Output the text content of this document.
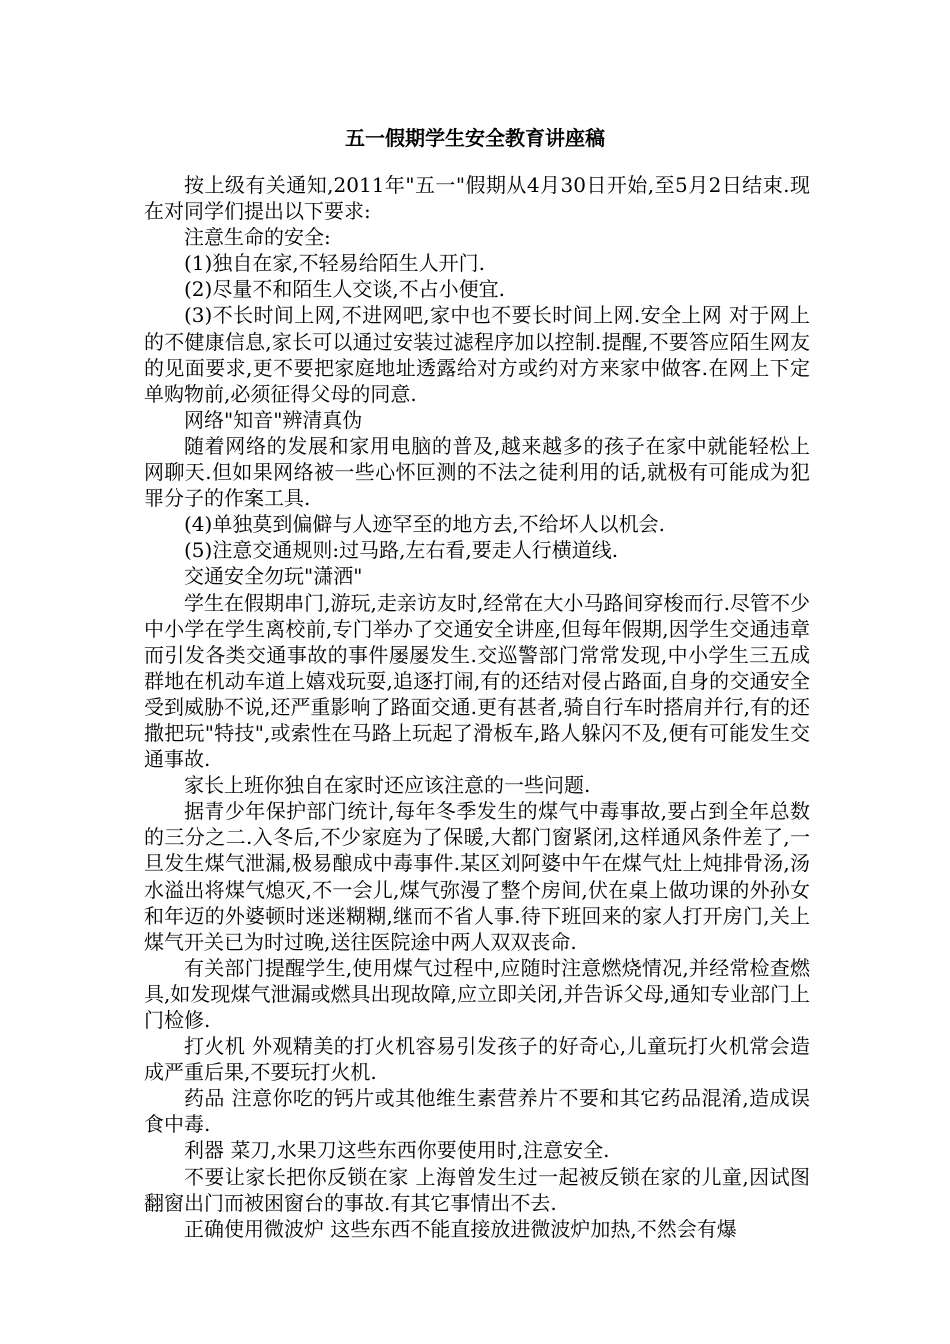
五一假期学生安全教育讲座稿

按上级有关通知,2011年"五一"假期从4月30日开始,至5月2日结束.现在对同学们提出以下要求:

注意生命的安全:

(1)独自在家,不轻易给陌生人开门.

(2)尽量不和陌生人交谈,不占小便宜.

(3)不长时间上网,不进网吧,家中也不要长时间上网.安全上网 对于网上的不健康信息,家长可以通过安装过滤程序加以控制.提醒,不要答应陌生网友的见面要求,更不要把家庭地址透露给对方或约对方来家中做客.在网上下定单购物前,必须征得父母的同意.

网络"知音"辨清真伪

随着网络的发展和家用电脑的普及,越来越多的孩子在家中就能轻松上网聊天.但如果网络被一些心怀叵测的不法之徒利用的话,就极有可能成为犯罪分子的作案工具.

(4)单独莫到偏僻与人迹罕至的地方去,不给坏人以机会.

(5)注意交通规则:过马路,左右看,要走人行横道线.

交通安全勿玩"潇洒"

学生在假期串门,游玩,走亲访友时,经常在大小马路间穿梭而行.尽管不少中小学在学生离校前,专门举办了交通安全讲座,但每年假期,因学生交通违章而引发各类交通事故的事件屡屡发生.交巡警部门常常发现,中小学生三五成群地在机动车道上嬉戏玩耍,追逐打闹,有的还结对侵占路面,自身的交通安全受到威胁不说,还严重影响了路面交通.更有甚者,骑自行车时搭肩并行,有的还撒把玩"特技",或索性在马路上玩起了滑板车,路人躲闪不及,便有可能发生交通事故.

家长上班你独自在家时还应该注意的一些问题.

据青少年保护部门统计,每年冬季发生的煤气中毒事故,要占到全年总数的三分之二.入冬后,不少家庭为了保暖,大都门窗紧闭,这样通风条件差了,一旦发生煤气泄漏,极易酿成中毒事件.某区刘阿婆中午在煤气灶上炖排骨汤,汤水溢出将煤气熄灭,不一会儿,煤气弥漫了整个房间,伏在桌上做功课的外孙女和年迈的外婆顿时迷迷糊糊,继而不省人事.待下班回来的家人打开房门,关上煤气开关已为时过晚,送往医院途中两人双双丧命.

有关部门提醒学生,使用煤气过程中,应随时注意燃烧情况,并经常检查燃具,如发现煤气泄漏或燃具出现故障,应立即关闭,并告诉父母,通知专业部门上门检修.

打火机 外观精美的打火机容易引发孩子的好奇心,儿童玩打火机常会造成严重后果,不要玩打火机.

药品 注意你吃的钙片或其他维生素营养片不要和其它药品混淆,造成误食中毒.

利器 菜刀,水果刀这些东西你要使用时,注意安全.

不要让家长把你反锁在家 上海曾发生过一起被反锁在家的儿童,因试图翻窗出门而被困窗台的事故.有其它事情出不去.

正确使用微波炉 这些东西不能直接放进微波炉加热,不然会有爆
